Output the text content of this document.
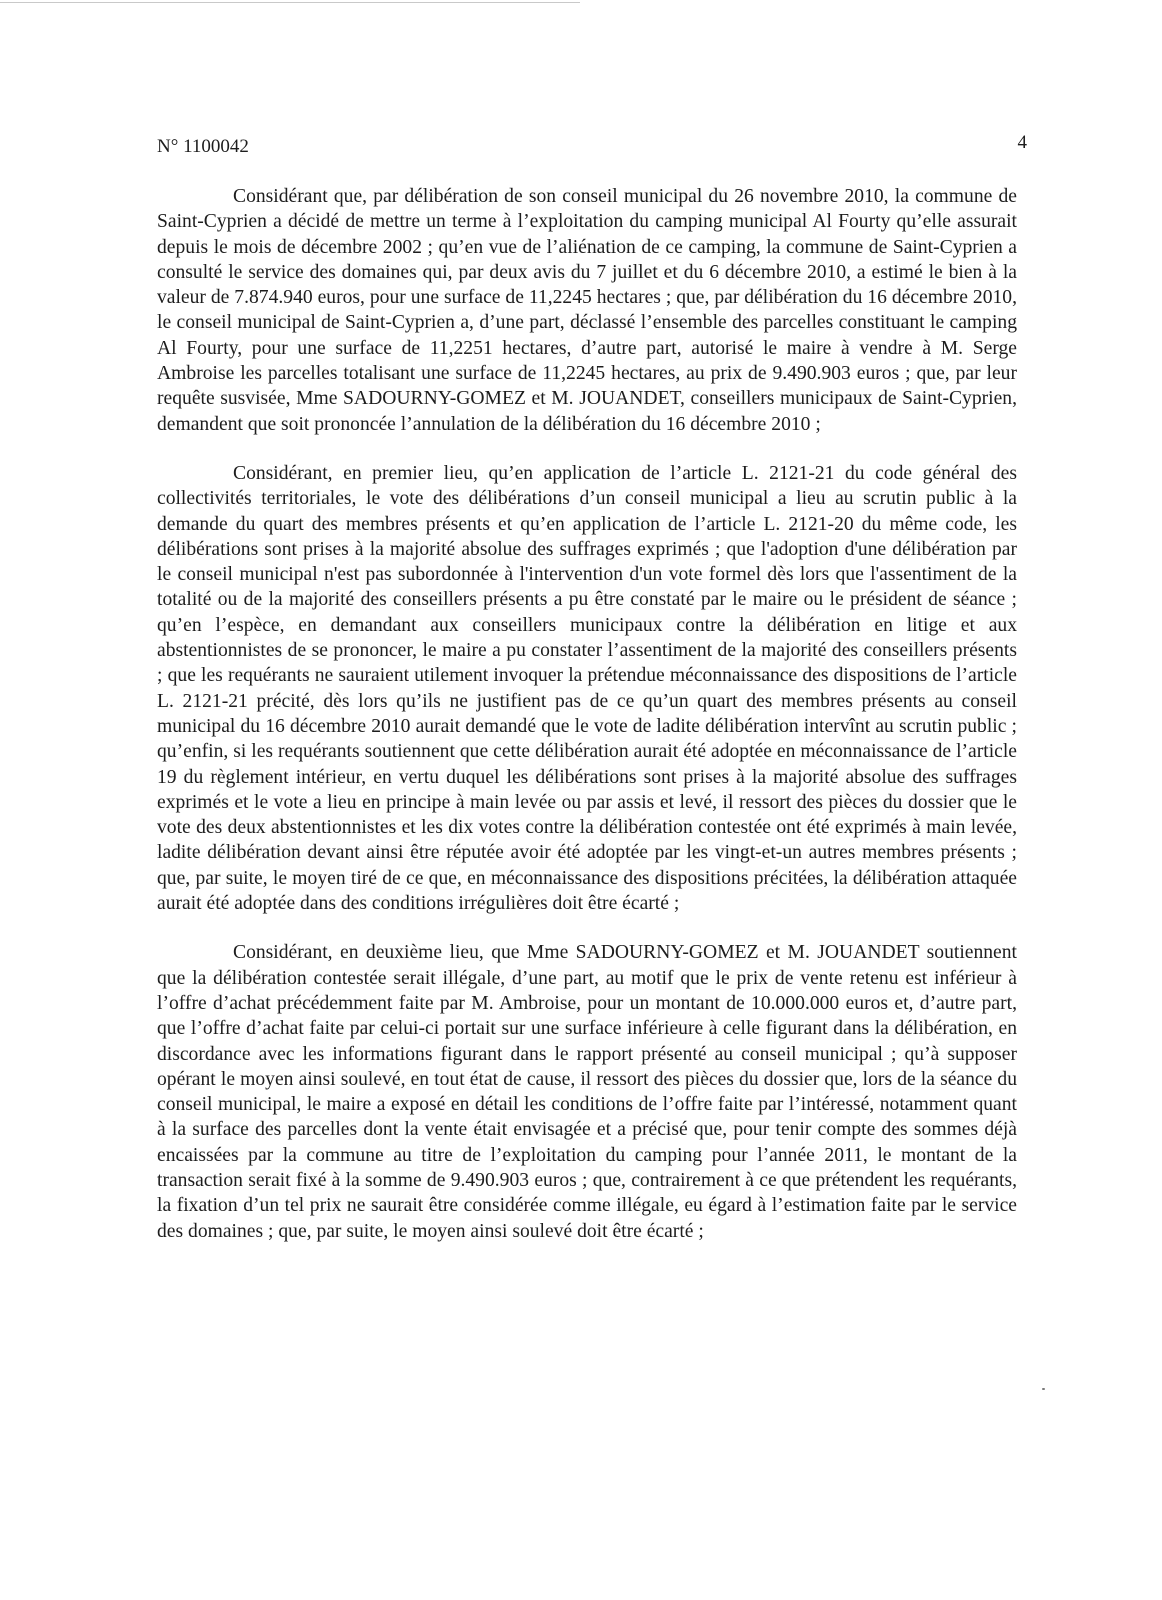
N° 1100042	4

Considérant que, par délibération de son conseil municipal du 26 novembre 2010, la commune de Saint-Cyprien a décidé de mettre un terme à l’exploitation du camping municipal Al Fourty qu’elle assurait depuis le mois de décembre 2002 ; qu’en vue de l’aliénation de ce camping, la commune de Saint-Cyprien a consulté le service des domaines qui, par deux avis du 7 juillet et du 6 décembre 2010, a estimé le bien à la valeur de 7.874.940 euros, pour une surface de 11,2245 hectares ; que, par délibération du 16 décembre 2010, le conseil municipal de Saint-Cyprien a, d’une part, déclassé l’ensemble des parcelles constituant le camping Al Fourty, pour une surface de 11,2251 hectares, d’autre part, autorisé le maire à vendre à M. Serge Ambroise les parcelles totalisant une surface de 11,2245 hectares, au prix de 9.490.903 euros ; que, par leur requête susvisée, Mme SADOURNY-GOMEZ et M. JOUANDET, conseillers municipaux de Saint-Cyprien, demandent que soit prononcée l’annulation de la délibération du 16 décembre 2010 ;

Considérant, en premier lieu, qu’en application de l’article L. 2121-21 du code général des collectivités territoriales, le vote des délibérations d’un conseil municipal a lieu au scrutin public à la demande du quart des membres présents et qu’en application de l’article L. 2121-20 du même code, les délibérations sont prises à la majorité absolue des suffrages exprimés ; que l'adoption d'une délibération par le conseil municipal n'est pas subordonnée à l'intervention d'un vote formel dès lors que l'assentiment de la totalité ou de la majorité des conseillers présents a pu être constaté par le maire ou le président de séance ; qu’en l’espèce, en demandant aux conseillers municipaux contre la délibération en litige et aux abstentionnistes de se prononcer, le maire a pu constater l’assentiment de la majorité des conseillers présents ; que les requérants ne sauraient utilement invoquer la prétendue méconnaissance des dispositions de l’article L. 2121-21 précité, dès lors qu’ils ne justifient pas de ce qu’un quart des membres présents au conseil municipal du 16 décembre 2010 aurait demandé que le vote de ladite délibération intervînt au scrutin public ; qu’enfin, si les requérants soutiennent que cette délibération aurait été adoptée en méconnaissance de l’article 19 du règlement intérieur, en vertu duquel les délibérations sont prises à la majorité absolue des suffrages exprimés et le vote a lieu en principe à main levée ou par assis et levé, il ressort des pièces du dossier que le vote des deux abstentionnistes et les dix votes contre la délibération contestée ont été exprimés à main levée, ladite délibération devant ainsi être réputée avoir été adoptée par les vingt-et-un autres membres présents ; que, par suite, le moyen tiré de ce que, en méconnaissance des dispositions précitées, la délibération attaquée aurait été adoptée dans des conditions irrégulières doit être écarté ;

Considérant, en deuxième lieu, que Mme SADOURNY-GOMEZ et M. JOUANDET soutiennent que la délibération contestée serait illégale, d’une part, au motif que le prix de vente retenu est inférieur à l’offre d’achat précédemment faite par M. Ambroise, pour un montant de 10.000.000 euros et, d’autre part, que l’offre d’achat faite par celui-ci portait sur une surface inférieure à celle figurant dans la délibération, en discordance avec les informations figurant dans le rapport présenté au conseil municipal ; qu’à supposer opérant le moyen ainsi soulevé, en tout état de cause, il ressort des pièces du dossier que, lors de la séance du conseil municipal, le maire a exposé en détail les conditions de l’offre faite par l’intéressé, notamment quant à la surface des parcelles dont la vente était envisagée et a précisé que, pour tenir compte des sommes déjà encaissées par la commune au titre de l’exploitation du camping pour l’année 2011, le montant de la transaction serait fixé à la somme de 9.490.903 euros ; que, contrairement à ce que prétendent les requérants, la fixation d’un tel prix ne saurait être considérée comme illégale, eu égard à l’estimation faite par le service des domaines ; que, par suite, le moyen ainsi soulevé doit être écarté ;
